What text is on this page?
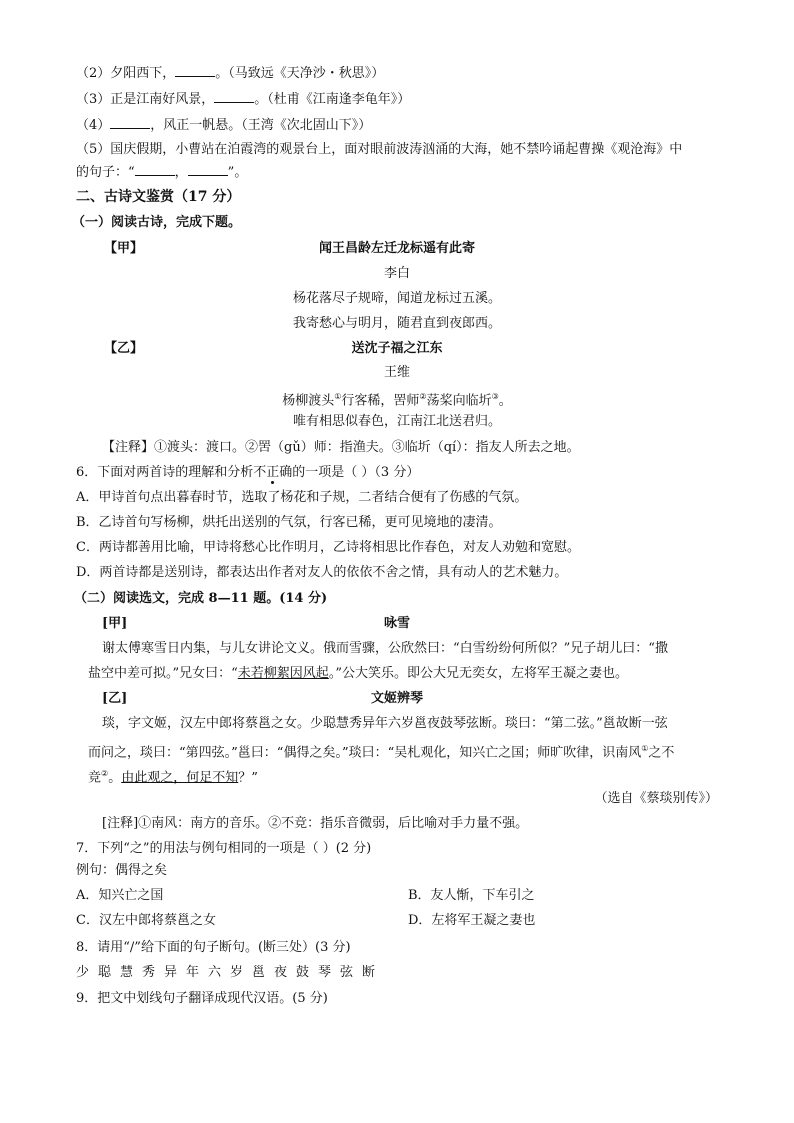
（2）夕阳西下，	。（马致远《天净沙・秋思》）
（3）正是江南好风景，	。（杜甫《江南逢李龟年》）
（4）	，风正一帆悬。（王湾《次北固山下》）
（5）国庆假期，小曹站在泊霞湾的观景台上，面对眼前波涛汹涌的大海，她不禁吟诵起曹操《观沧海》中
的句子：“	，	”。
二、古诗文鉴赏（17 分）
（一）阅读古诗，完成下题。
【甲】	闻王昌龄左迁龙标遥有此寄
李白
杨花落尽子规啼，闻道龙标过五溪。
我寄愁心与明月，随君直到夜郎西。
【乙】	送沈子福之江东
王维
杨柳渡头①行客稀，罟师②荡桨向临圻③。
唯有相思似春色，江南江北送君归。
【注释】①渡头：渡口。②罟（gǔ）师：指渔夫。③临圻（qí）：指友人所去之地。
6．下面对两首诗的理解和分析不正确的一项是（ ）（3 分）
A．甲诗首句点出暮春时节，选取了杨花和子规，二者结合便有了伤感的气氛。
B．乙诗首句写杨柳，烘托出送别的气氛，行客已稀，更可见境地的凄清。
C．两诗都善用比喻，甲诗将愁心比作明月，乙诗将相思比作春色，对友人劝勉和宽慰。
D．两首诗都是送别诗，都表达出作者对友人的依依不舍之情，具有动人的艺术魅力。
（二）阅读选文，完成 8—11 题。(14 分)
[甲]	咏雪
谢太傅寒雪日内集，与儿女讲论文义。俄而雪骤，公欣然曰：“白雪纷纷何所似？”兄子胡儿曰：“撒
盐空中差可拟。”兄女曰：“未若柳絮因风起。”公大笑乐。即公大兄无奕女，左将军王凝之妻也。
[乙]	文姬辨琴
琰，字文姬，汉左中郎将蔡邕之女。少聪慧秀异年六岁邕夜鼓琴弦断。琰曰：“第二弦。”邕故断一弦
而问之，琰曰：“第四弦。”邕曰：“偶得之矣。”琰曰：“吴札观化，知兴亡之国；师旷吹律，识南风①之不
竞②。由此观之，何足不知？”
（选自《蔡琰别传》）
[注释]①南风：南方的音乐。②不竞：指乐音微弱，后比喻对手力量不强。
7．下列“之”的用法与例句相同的一项是（ ）(2 分)
例句：偶得之矣
A．知兴亡之国	B．友人惭，下车引之
C．汉左中郎将蔡邕之女	D．左将军王凝之妻也
8．请用“/”给下面的句子断句。(断三处）(3 分)
少聪慧秀异年六岁邕夜鼓琴弦断
9．把文中划线句子翻译成现代汉语。(5 分)
